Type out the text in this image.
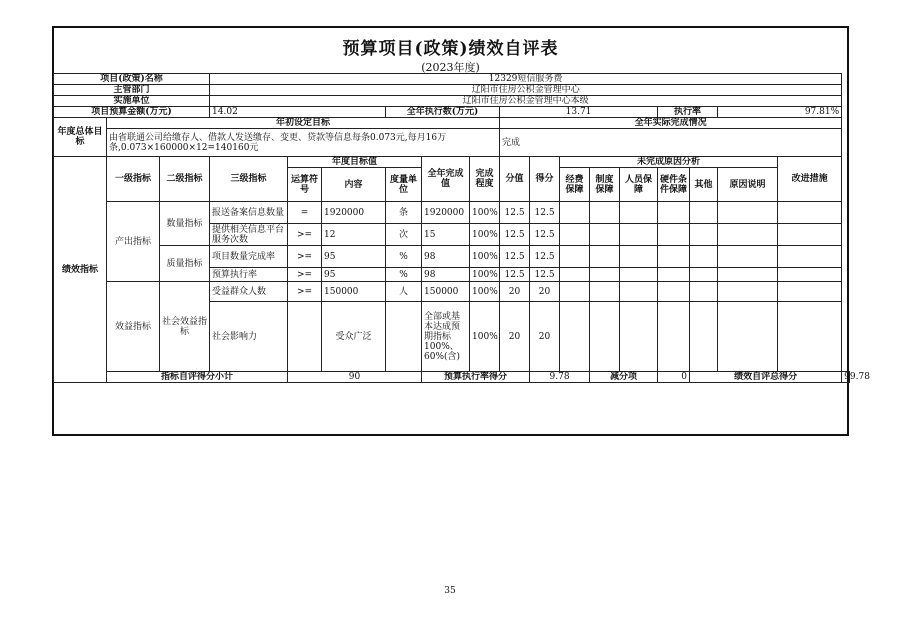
预算项目(政策)绩效自评表
(2023年度)
项目(政策)名称			12329短信服务费															
主管部门			辽阳市住房公积金管理中心															
实施单位			辽阳市住房公积金管理中心本级															
项目预算金额(万元)			14.02			全年执行数(万元)			13.71					执行率		97.81%		
年度总体目标	年初设定目标								全年实际完成情况									
	由省联通公司给缴存人、借款人发送缴存、变更、贷款等信息每条0.073元,每月16万条,0.073×160000×12=140160元								完成									
绩效指标	一级指标	二级指标	三级指标	年度目标值			全年完成值	完成程度	分值	得分	未完成原因分析						改进措施	
				运算符号	内容	度量单位					经费保障	制度保障	人员保障	硬件条件保障	其他	原因说明		
	产出指标	数量指标	报送备案信息数量	=	1920000	条	1920000	100%	12.5	12.5								
			提供相关信息平台服务次数	>=	12	次	15	100%	12.5	12.5								
		质量指标	项目数量完成率	>=	95	%	98	100%	12.5	12.5								
			预算执行率	>=	95	%	98	100%	12.5	12.5								
	效益指标	社会效益指标	受益群众人数	>=	150000	人	150000	100%	20	20								
			社会影响力		受众广泛		全部或基本达成预期指标100%、60%(含)	100%	20	20								
	指标自评得分小计			90			预算执行率得分			9.78		减分项		0	绩效自评总得分			99.78
35
